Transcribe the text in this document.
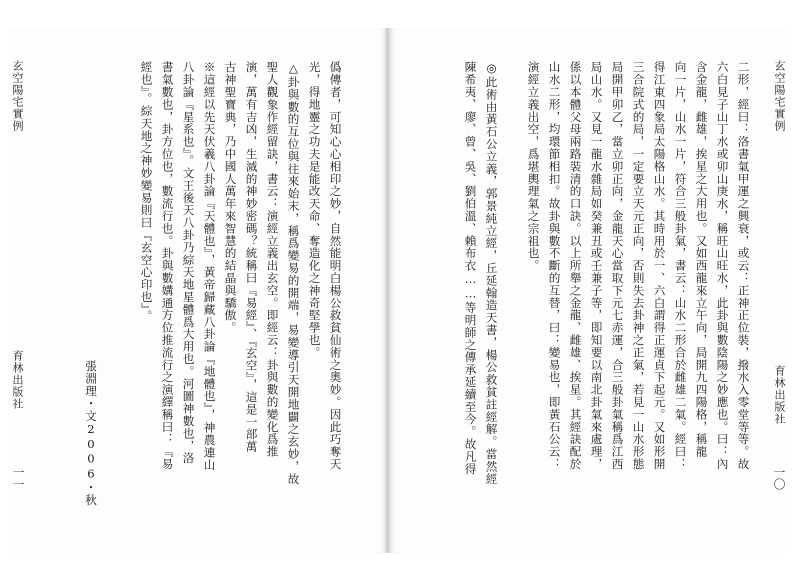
玄空陽宅實例
育林出版社
一一
僞傳者，可知心心相印之妙，自然能明白楊公救貧仙術之奧妙。因此巧奪天
光，得地靈之功夫是能改天命、奪造化之神奇堅學也。
△卦與數的互位與往來始末，稱爲變易的開端，易變導引天開地闢之玄妙，故
聖人觀象作經留訣，書云：演經立義出玄空。即經云：卦與數的變化爲推
演，萬有吉凶，生滅的神妙密碼？統稱曰『易經』、『玄空』，這是一部萬
古神聖寶典，乃中國人萬年來智慧的結晶與驕傲。
※這經以先天伏羲八卦論『天體也』，黃帝歸藏八卦論『地體也』，神農連山
八卦論『星系也』。文王後天八卦乃綜天地星體爲大用也。河圖神數也，洛
書氣數也，卦方位也，數流行也。卦與數媾通方位推流行之演繹稱曰：『易
經也』。綜天地之神妙變易則曰『玄空心印也』。
張淵理・文2006・秋	二形，經曰：洛書氣甲運之興衰，或云：正神正位裝，撥水入零堂等等。故
六白見子山丁水或卯山庚水，稱旺山旺水，此卦與數陰陽之妙應也。曰：內
含金龍，雌雄，挨星之大用也。又如西龍來立午向，局開九四陽格，稱龍
向一片，山水一片，符合三般卦氣，書云：山水二形合於雌雄二氣。經曰：
得江東四象局太陽格山水。其時用於一、六白謂得正運貞下起元。又如形開
三合院式的局，一定要立天元正向，否則失去卦神之正氣，若見一山水形態
局開甲卯乙，當立卯正向，金龍天心當取下元七赤運，合三般卦氣稱爲江西
局山水。又見一龍水雜局如癸兼丑或壬兼子等，即知要以南北卦氣來處理，
係以本體父母兩路裝清的口訣。以上所舉之金龍、雌雄、挨星。其經訣配於
山水二形，均環節相扣。故卦與數不斷的互替，曰：變易也，即黃石公云：
演經立義出空，爲堪輿理氣之宗祖也。
◎此術由黃石公立義，郭景純立經，丘延翰造天書，楊公救貧註經解。當然經
陳希夷、廖、曾、吳、劉伯溫、賴布衣……等明師之傳承延續至今。故凡得	玄空陽宅實例
育林出版社
一〇
